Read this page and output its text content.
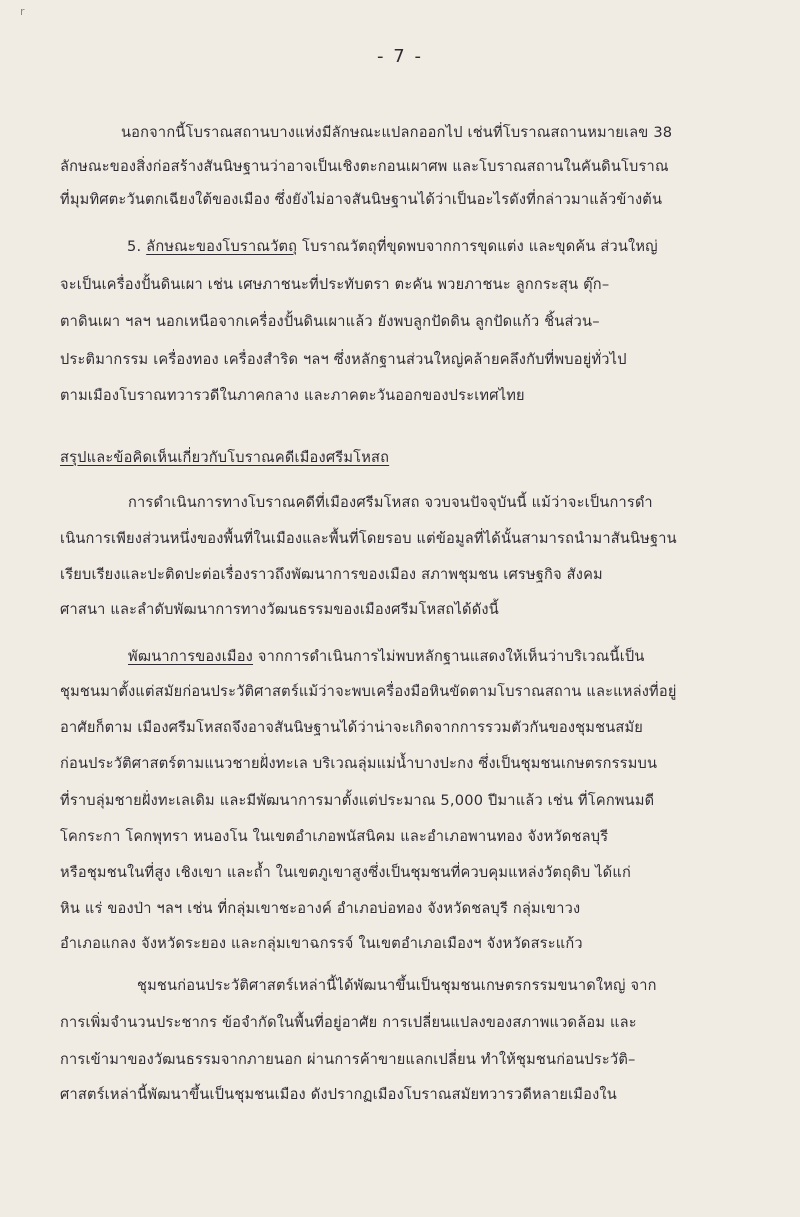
r
- 7 -
นอกจากนี้โบราณสถานบางแห่งมีลักษณะแปลกออกไป เช่นที่โบราณสถานหมายเลข 38
ลักษณะของสิ่งก่อสร้างสันนิษฐานว่าอาจเป็นเชิงตะกอนเผาศพ และโบราณสถานในคันดินโบราณ
ที่มุมทิศตะวันตกเฉียงใต้ของเมือง ซึ่งยังไม่อาจสันนิษฐานได้ว่าเป็นอะไรดังที่กล่าวมาแล้วข้างต้น
5. ลักษณะของโบราณวัตถุ โบราณวัตถุที่ขุดพบจากการขุดแต่ง และขุดค้น ส่วนใหญ่
จะเป็นเครื่องปั้นดินเผา เช่น เศษภาชนะที่ประทับตรา ตะคัน พวยภาชนะ ลูกกระสุน ตุ๊ก–
ตาดินเผา ฯลฯ นอกเหนือจากเครื่องปั้นดินเผาแล้ว ยังพบลูกปัดดิน ลูกปัดแก้ว ชิ้นส่วน–
ประติมากรรม เครื่องทอง เครื่องสำริด ฯลฯ ซึ่งหลักฐานส่วนใหญ่คล้ายคลึงกับที่พบอยู่ทั่วไป
ตามเมืองโบราณทวารวดีในภาคกลาง และภาคตะวันออกของประเทศไทย
สรุปและข้อคิดเห็นเกี่ยวกับโบราณคดีเมืองศรีมโหสถ
การดำเนินการทางโบราณคดีที่เมืองศรีมโหสถ จวบจนปัจจุบันนี้ แม้ว่าจะเป็นการดำ
เนินการเพียงส่วนหนึ่งของพื้นที่ในเมืองและพื้นที่โดยรอบ แต่ข้อมูลที่ได้นั้นสามารถนำมาสันนิษฐาน
เรียบเรียงและปะติดปะต่อเรื่องราวถึงพัฒนาการของเมือง สภาพชุมชน เศรษฐกิจ สังคม
ศาสนา และลำดับพัฒนาการทางวัฒนธรรมของเมืองศรีมโหสถได้ดังนี้
พัฒนาการของเมือง จากการดำเนินการไม่พบหลักฐานแสดงให้เห็นว่าบริเวณนี้เป็น
ชุมชนมาตั้งแต่สมัยก่อนประวัติศาสตร์แม้ว่าจะพบเครื่องมือหินขัดตามโบราณสถาน และแหล่งที่อยู่
อาศัยก็ตาม เมืองศรีมโหสถจึงอาจสันนิษฐานได้ว่าน่าจะเกิดจากการรวมตัวกันของชุมชนสมัย
ก่อนประวัติศาสตร์ตามแนวชายฝั่งทะเล บริเวณลุ่มแม่น้ำบางปะกง ซึ่งเป็นชุมชนเกษตรกรรมบน
ที่ราบลุ่มชายฝั่งทะเลเดิม และมีพัฒนาการมาตั้งแต่ประมาณ 5,000 ปีมาแล้ว เช่น ที่โคกพนมดี
โคกระกา โคกพุทรา หนองโน ในเขตอำเภอพนัสนิคม และอำเภอพานทอง จังหวัดชลบุรี
หรือชุมชนในที่สูง เชิงเขา และถ้ำ ในเขตภูเขาสูงซึ่งเป็นชุมชนที่ควบคุมแหล่งวัตถุดิบ ได้แก่
หิน แร่ ของป่า ฯลฯ เช่น ที่กลุ่มเขาชะอางค์ อำเภอบ่อทอง จังหวัดชลบุรี กลุ่มเขาวง
อำเภอแกลง จังหวัดระยอง และกลุ่มเขาฉกรรจ์ ในเขตอำเภอเมืองฯ จังหวัดสระแก้ว
ชุมชนก่อนประวัติศาสตร์เหล่านี้ได้พัฒนาขึ้นเป็นชุมชนเกษตรกรรมขนาดใหญ่ จาก
การเพิ่มจำนวนประชากร ข้อจำกัดในพื้นที่อยู่อาศัย การเปลี่ยนแปลงของสภาพแวดล้อม และ
การเข้ามาของวัฒนธรรมจากภายนอก ผ่านการค้าขายแลกเปลี่ยน ทำให้ชุมชนก่อนประวัติ–
ศาสตร์เหล่านี้พัฒนาขึ้นเป็นชุมชนเมือง ดังปรากฏเมืองโบราณสมัยทวารวดีหลายเมืองใน
